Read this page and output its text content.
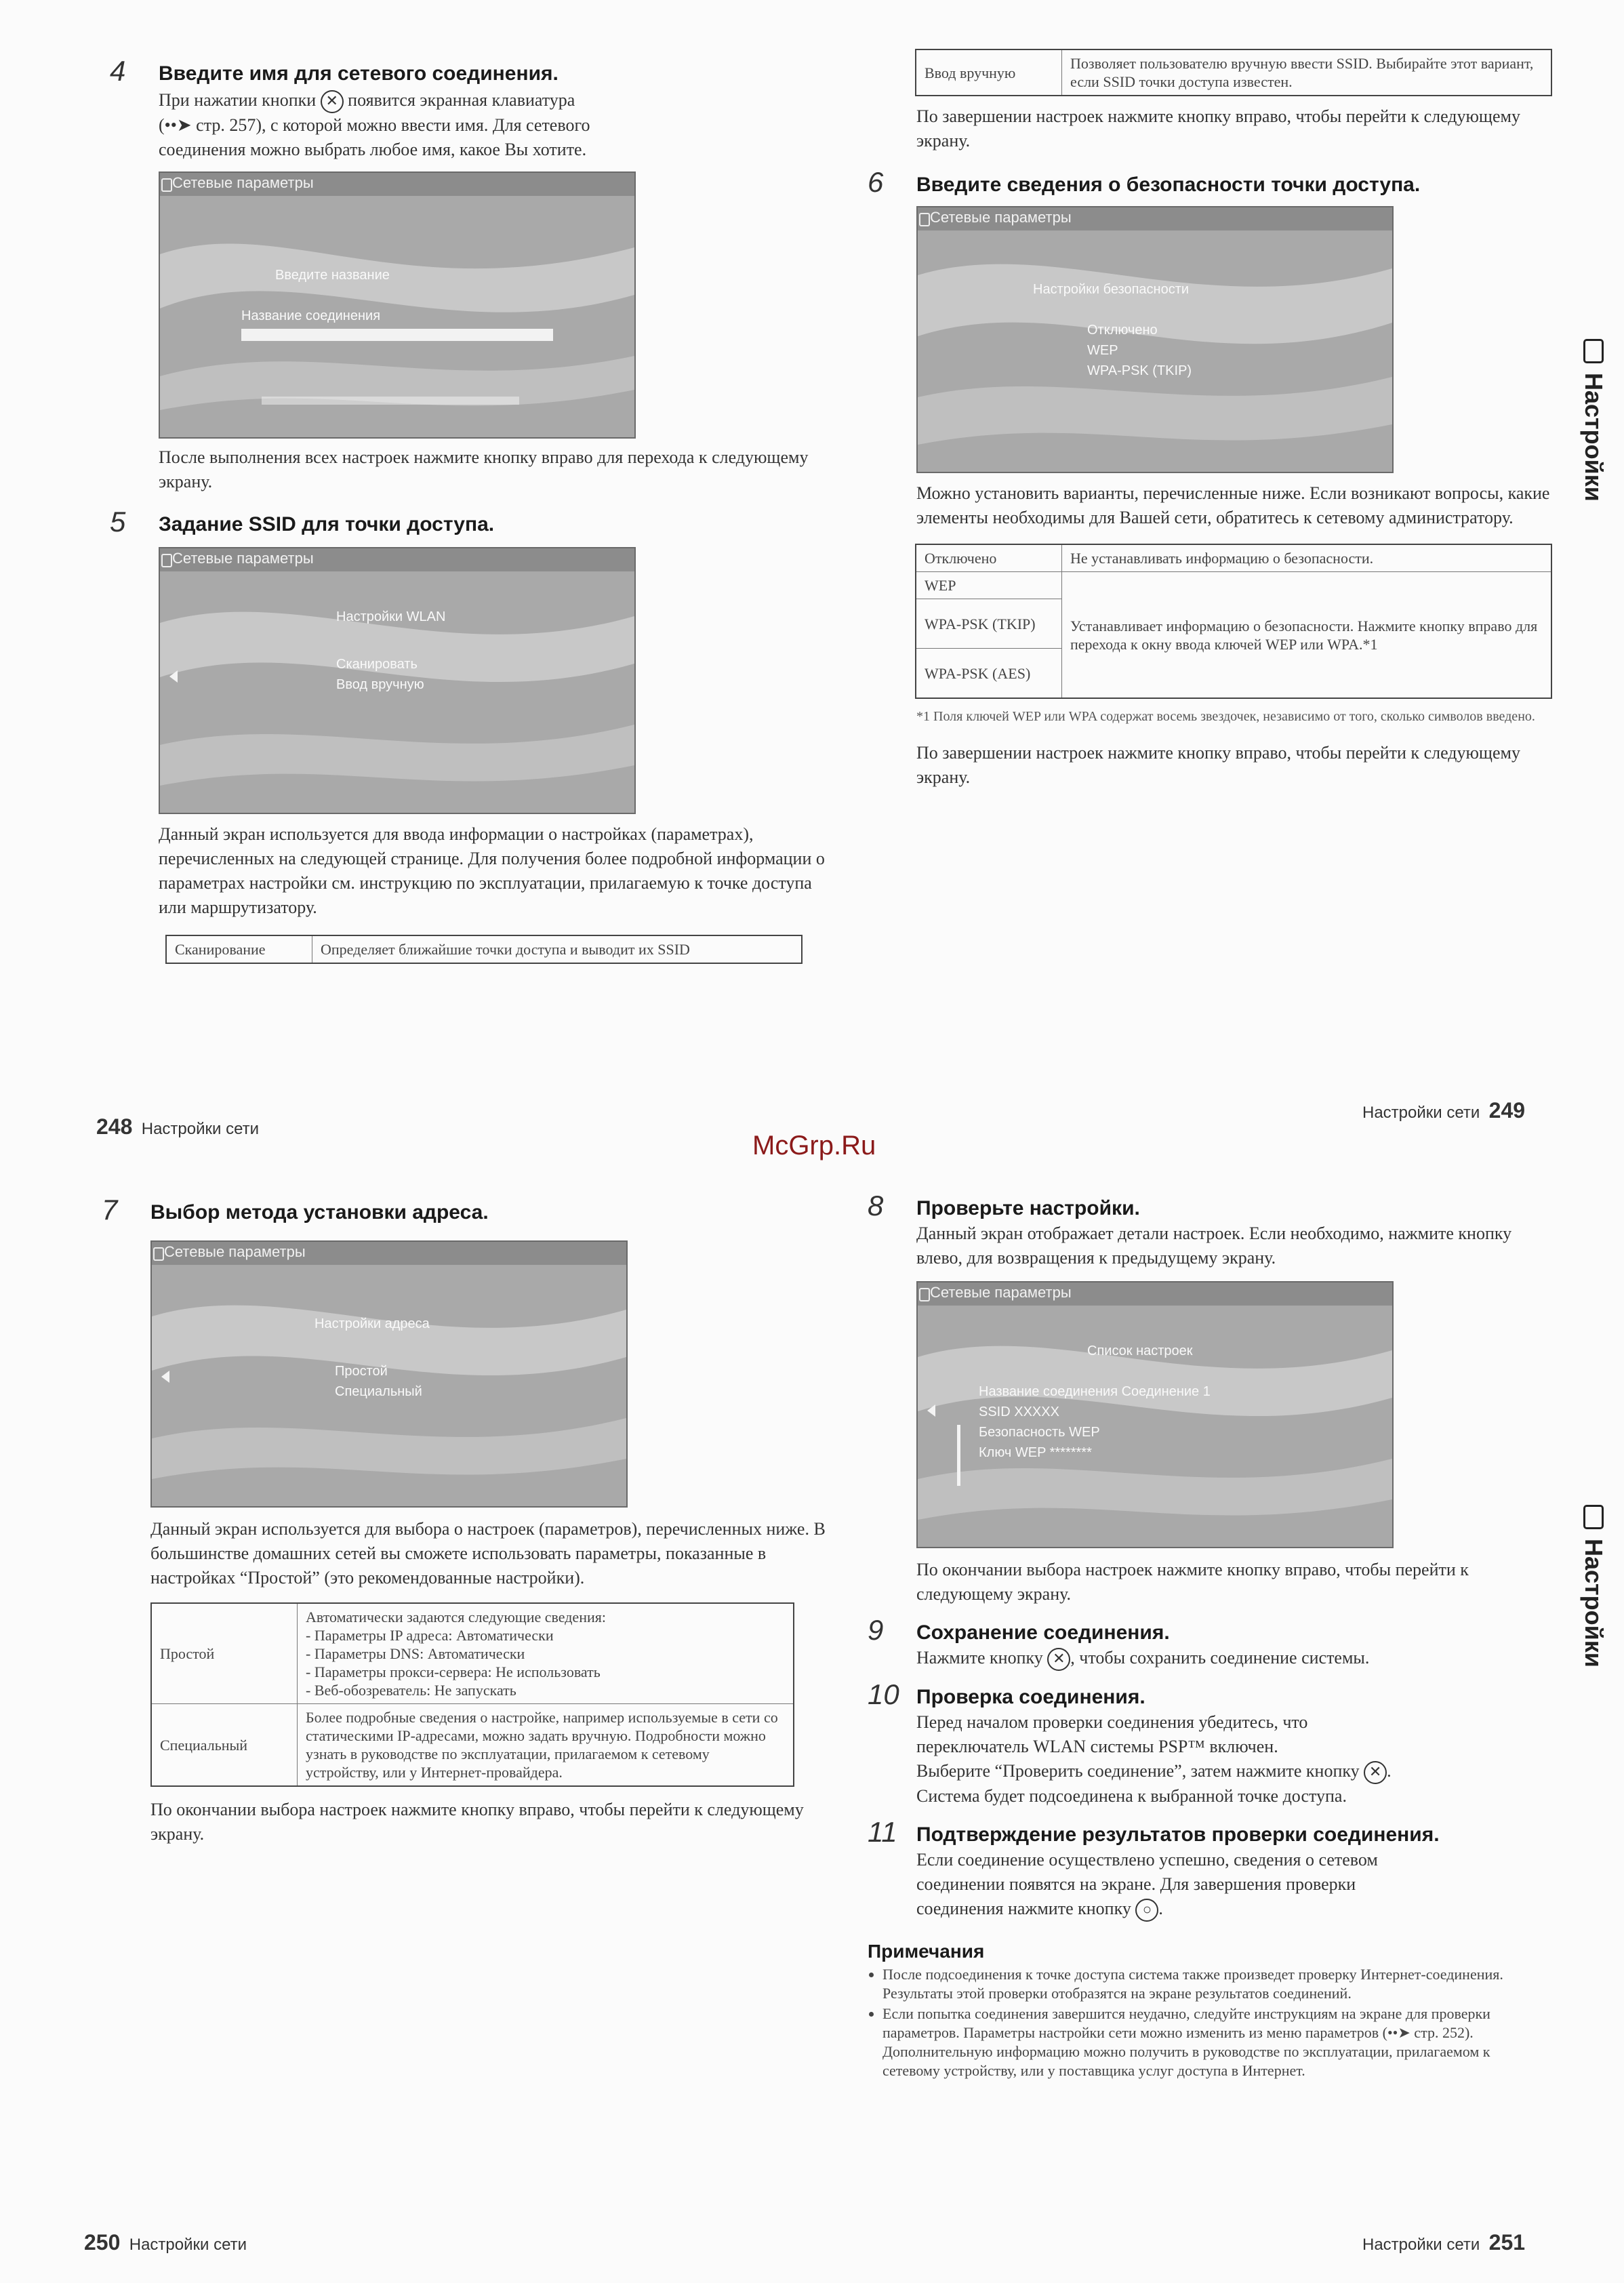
McGrp.Ru
Настройки
Настройки
4 Введите имя для сетевого соединения.
При нажатии кнопки ✕ появится экранная клавиатура
(••➤ стр. 257), с которой можно ввести имя. Для сетевого
соединения можно выбрать любое имя, какое Вы хотите.
Сетевые параметры
Введите название
Название соединения
После выполнения всех настроек нажмите кнопку вправо для перехода к следующему экрану.
5 Задание SSID для точки доступа.
Сетевые параметры
Настройки WLAN
Сканировать
Ввод вручную
Данный экран используется для ввода информации о настройках (параметрах), перечисленных на следующей странице. Для получения более подробной информации о параметрах настройки см. инструкцию по эксплуатации, прилагаемую к точке доступа или маршрутизатору.
Сканирование	Определяет ближайшие точки доступа и выводит их SSID
248 Настройки сети
Ввод вручную	Позволяет пользователю вручную ввести SSID. Выбирайте этот вариант, если SSID точки доступа известен.
По завершении настроек нажмите кнопку вправо, чтобы перейти к следующему экрану.
6 Введите сведения о безопасности точки доступа.
Сетевые параметры
Настройки безопасности
Отключено
WEP
WPA-PSK (TKIP)
Можно установить варианты, перечисленные ниже. Если возникают вопросы, какие элементы необходимы для Вашей сети, обратитесь к сетевому администратору.
Отключено	Не устанавливать информацию о безопасности.
WEP	Устанавливает информацию о безопасности. Нажмите кнопку вправо для перехода к окну ввода ключей WEP или WPA.*1
WPA-PSK (TKIP)	
WPA-PSK (AES)	
*1 Поля ключей WEP или WPA содержат восемь звездочек, независимо от того, сколько символов введено.
По завершении настроек нажмите кнопку вправо, чтобы перейти к следующему экрану.
Настройки сети 249
7 Выбор метода установки адреса.
Сетевые параметры
Настройки адреса
Простой
Специальный
Данный экран используется для выбора о настроек (параметров), перечисленных ниже. В большинстве домашних сетей вы сможете использовать параметры, показанные в настройках “Простой” (это рекомендованные настройки).
Простой	Автоматически задаются следующие сведения:
- Параметры IP адреса: Автоматически
- Параметры DNS: Автоматически
- Параметры прокси-сервера: Не использовать
- Веб-обозреватель: Не запускать

Специальный	Более подробные сведения о настройке, например используемые в сети со статическими IP-адресами, можно задать вручную. Подробности можно узнать в руководстве по эксплуатации, прилагаемом к сетевому устройству, или у Интернет-провайдера.
По окончании выбора настроек нажмите кнопку вправо, чтобы перейти к следующему экрану.
250 Настройки сети
8 Проверьте настройки.
Данный экран отображает детали настроек. Если необходимо, нажмите кнопку влево, для возвращения к предыдущему экрану.
Сетевые параметры
Список настроек
Название соединения Соединение 1
SSID XXXXX
Безопасность WEP
Ключ WEP ********
По окончании выбора настроек нажмите кнопку вправо, чтобы перейти к следующему экрану.
9 Сохранение соединения.
Нажмите кнопку ✕ , чтобы сохранить соединение системы.
10 Проверка соединения.
Перед началом проверки соединения убедитесь, что
переключатель WLAN системы PSP™ включен.
Выберите “Проверить соединение”, затем нажмите кнопку ✕ .
Система будет подсоединена к выбранной точке доступа.
11 Подтверждение результатов проверки соединения.
Если соединение осуществлено успешно, сведения о сетевом
соединении появятся на экране. Для завершения проверки
соединения нажмите кнопку ○ .
Примечания
• После подсоединения к точке доступа система также произведет проверку Интернет-соединения. Результаты этой проверки отобразятся на экране результатов соединений.
• Если попытка соединения завершится неудачно, следуйте инструкциям на экране для проверки параметров. Параметры настройки сети можно изменить из меню параметров (••➤ стр. 252). Дополнительную информацию можно получить в руководстве по эксплуатации, прилагаемом к сетевому устройству, или у поставщика услуг доступа в Интернет.
Настройки сети 251
